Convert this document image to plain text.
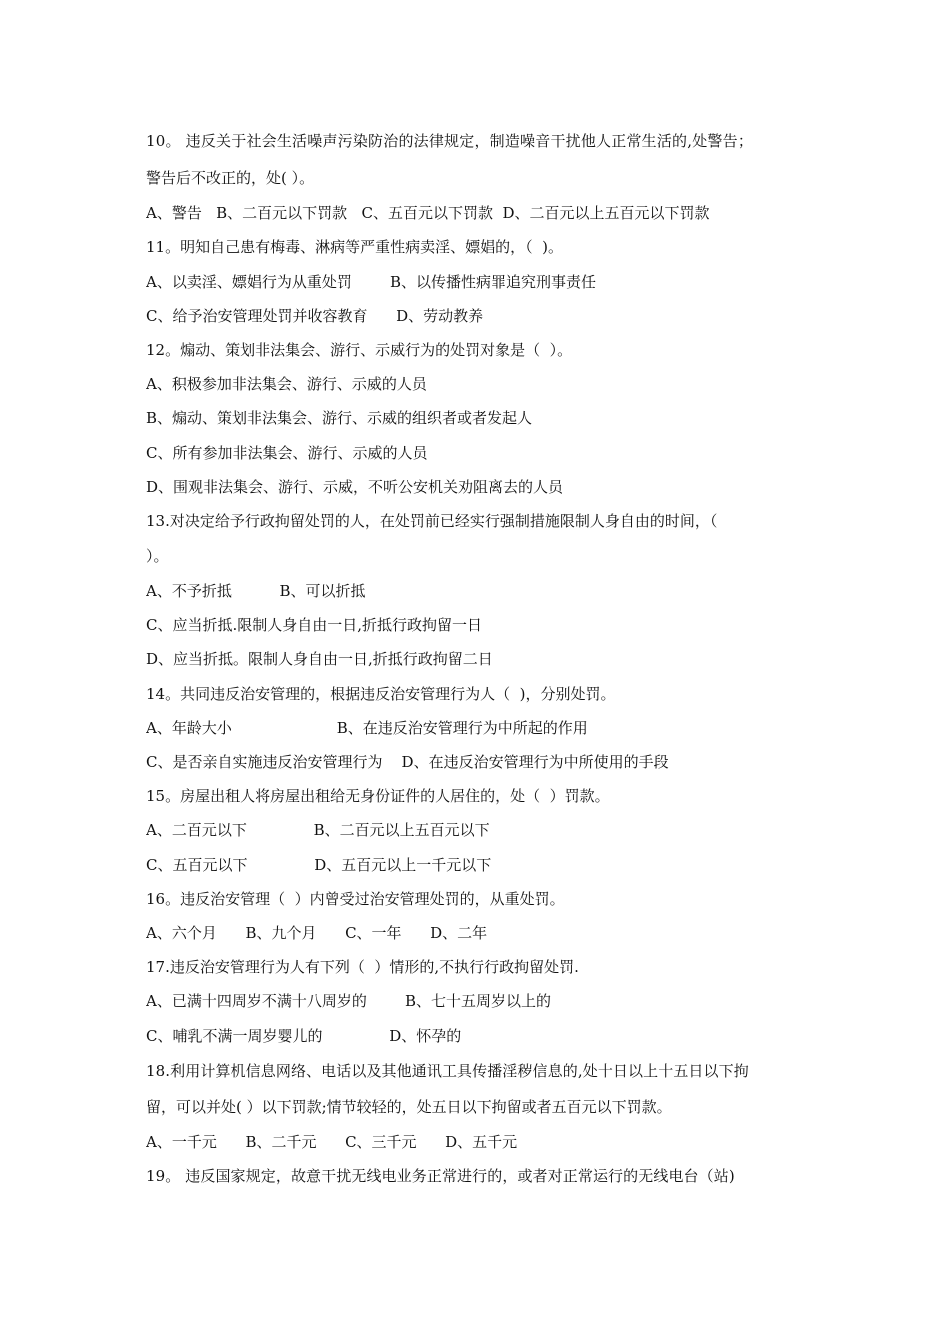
10。 违反关于社会生活噪声污染防治的法律规定，制造噪音干扰他人正常生活的,处警告；
警告后不改正的，处( ）。
A、警告   B、二百元以下罚款   C、五百元以下罚款  D、二百元以上五百元以下罚款
11。明知自己患有梅毒、淋病等严重性病卖淫、嫖娼的，（  )。
A、以卖淫、嫖娼行为从重处罚        B、以传播性病罪追究刑事责任
C、给予治安管理处罚并收容教育      D、劳动教养
12。煽动、策划非法集会、游行、示威行为的处罚对象是（  ）。
A、积极参加非法集会、游行、示威的人员
B、煽动、策划非法集会、游行、示威的组织者或者发起人
C、所有参加非法集会、游行、示威的人员
D、围观非法集会、游行、示威，不听公安机关劝阻离去的人员
13.对决定给予行政拘留处罚的人，在处罚前已经实行强制措施限制人身自由的时间，（
）。
A、不予折抵          B、可以折抵
C、应当折抵.限制人身自由一日,折抵行政拘留一日
D、应当折抵。限制人身自由一日,折抵行政拘留二日
14。共同违反治安管理的，根据违反治安管理行为人（  )，分别处罚。
A、年龄大小                      B、在违反治安管理行为中所起的作用
C、是否亲自实施违反治安管理行为    D、在违反治安管理行为中所使用的手段
15。房屋出租人将房屋出租给无身份证件的人居住的，处（  ）罚款。
A、二百元以下              B、二百元以上五百元以下
C、五百元以下              D、五百元以上一千元以下
16。违反治安管理（  ）内曾受过治安管理处罚的，从重处罚。
A、六个月      B、九个月      C、一年      D、二年
17.违反治安管理行为人有下列（  ）情形的,不执行行政拘留处罚.
A、已满十四周岁不满十八周岁的        B、七十五周岁以上的
C、哺乳不满一周岁婴儿的              D、怀孕的
18.利用计算机信息网络、电话以及其他通讯工具传播淫秽信息的,处十日以上十五日以下拘
留，可以并处( ）以下罚款;情节较轻的，处五日以下拘留或者五百元以下罚款。
A、一千元      B、二千元      C、三千元      D、五千元
19。 违反国家规定，故意干扰无线电业务正常进行的，或者对正常运行的无线电台（站)
